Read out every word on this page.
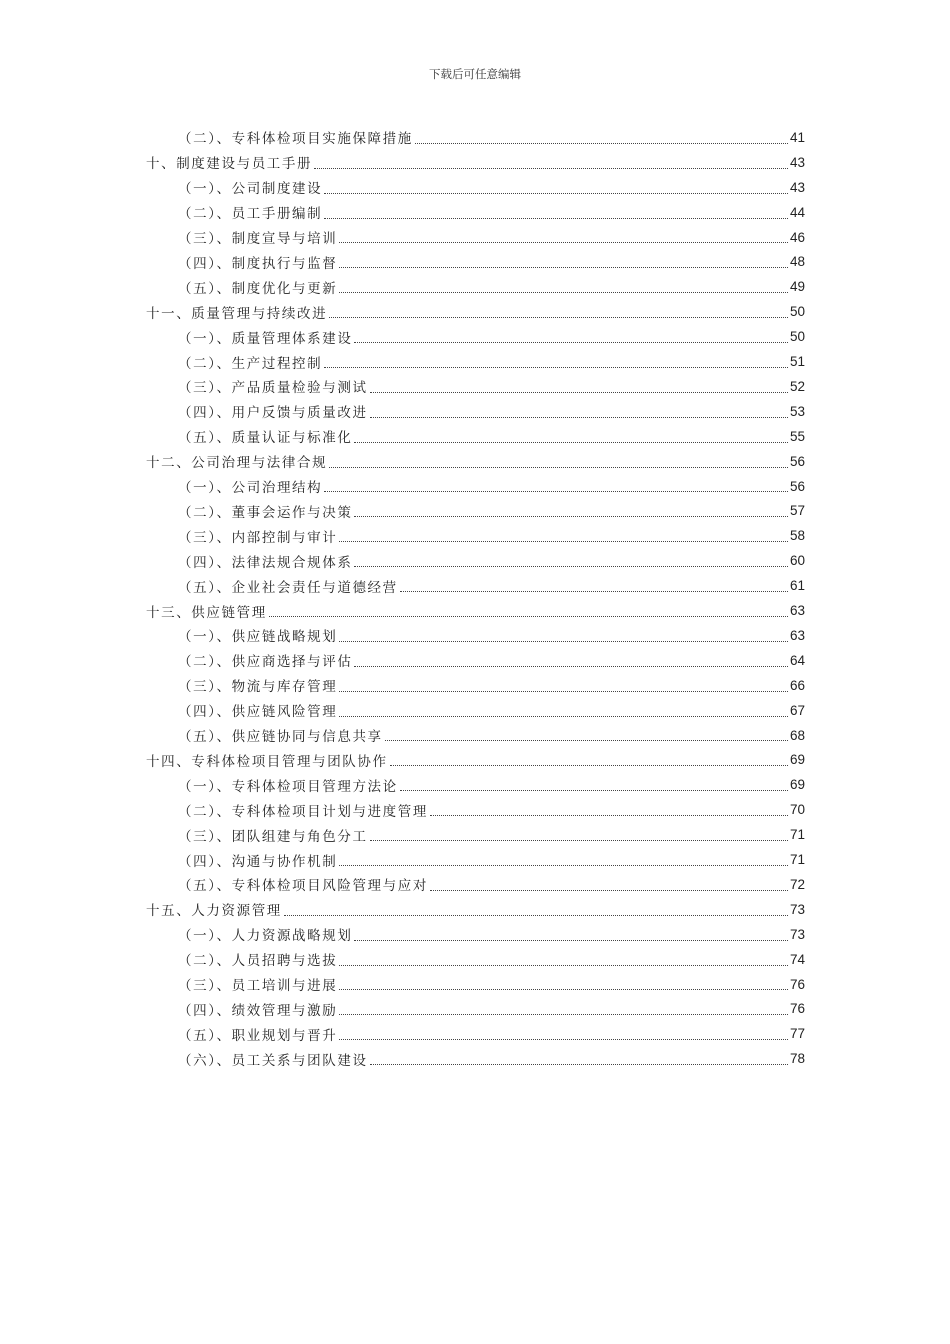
下载后可任意编辑
（二）、专科体检项目实施保障措施	41
十、制度建设与员工手册	43
（一）、公司制度建设	43
（二）、员工手册编制	44
（三）、制度宣导与培训	46
（四）、制度执行与监督	48
（五）、制度优化与更新	49
十一、质量管理与持续改进	50
（一）、质量管理体系建设	50
（二）、生产过程控制	51
（三）、产品质量检验与测试	52
（四）、用户反馈与质量改进	53
（五）、质量认证与标准化	55
十二、公司治理与法律合规	56
（一）、公司治理结构	56
（二）、董事会运作与决策	57
（三）、内部控制与审计	58
（四）、法律法规合规体系	60
（五）、企业社会责任与道德经营	61
十三、供应链管理	63
（一）、供应链战略规划	63
（二）、供应商选择与评估	64
（三）、物流与库存管理	66
（四）、供应链风险管理	67
（五）、供应链协同与信息共享	68
十四、专科体检项目管理与团队协作	69
（一）、专科体检项目管理方法论	69
（二）、专科体检项目计划与进度管理	70
（三）、团队组建与角色分工	71
（四）、沟通与协作机制	71
（五）、专科体检项目风险管理与应对	72
十五、人力资源管理	73
（一）、人力资源战略规划	73
（二）、人员招聘与选拔	74
（三）、员工培训与进展	76
（四）、绩效管理与激励	76
（五）、职业规划与晋升	77
（六）、员工关系与团队建设	78
